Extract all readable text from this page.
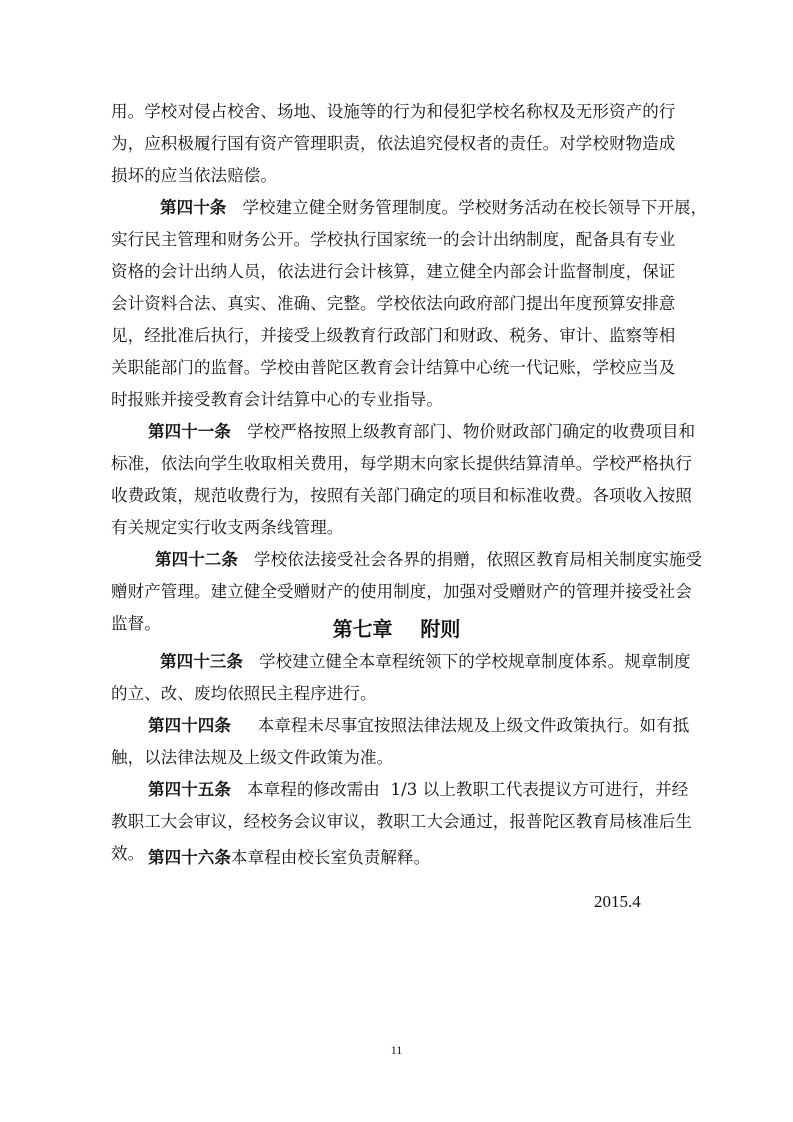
用。学校对侵占校舍、场地、设施等的行为和侵犯学校名称权及无形资产的行
为，应积极履行国有资产管理职责，依法追究侵权者的责任。对学校财物造成
损坏的应当依法赔偿。
第四十条   学校建立健全财务管理制度。学校财务活动在校长领导下开展，
实行民主管理和财务公开。学校执行国家统一的会计出纳制度，配备具有专业
资格的会计出纳人员，依法进行会计核算，建立健全内部会计监督制度，保证
会计资料合法、真实、准确、完整。学校依法向政府部门提出年度预算安排意
见，经批准后执行，并接受上级教育行政部门和财政、税务、审计、监察等相
关职能部门的监督。学校由普陀区教育会计结算中心统一代记账，学校应当及
时报账并接受教育会计结算中心的专业指导。
第四十一条   学校严格按照上级教育部门、物价财政部门确定的收费项目和
标准，依法向学生收取相关费用，每学期末向家长提供结算清单。学校严格执行
收费政策，规范收费行为，按照有关部门确定的项目和标准收费。各项收入按照
有关规定实行收支两条线管理。
第四十二条   学校依法接受社会各界的捐赠，依照区教育局相关制度实施受
赠财产管理。建立健全受赠财产的使用制度，加强对受赠财产的管理并接受社会
监督。	第七章    附则
第四十三条   学校建立健全本章程统领下的学校规章制度体系。规章制度
的立、改、废均依照民主程序进行。
第四十四条     本章程未尽事宜按照法律法规及上级文件政策执行。如有抵
触，以法律法规及上级文件政策为准。
第四十五条   本章程的修改需由  1/3 以上教职工代表提议方可进行，并经
教职工大会审议，经校务会议审议，教职工大会通过，报普陀区教育局核准后生
效。 第四十六条本章程由校长室负责解释。
2015.4
11
